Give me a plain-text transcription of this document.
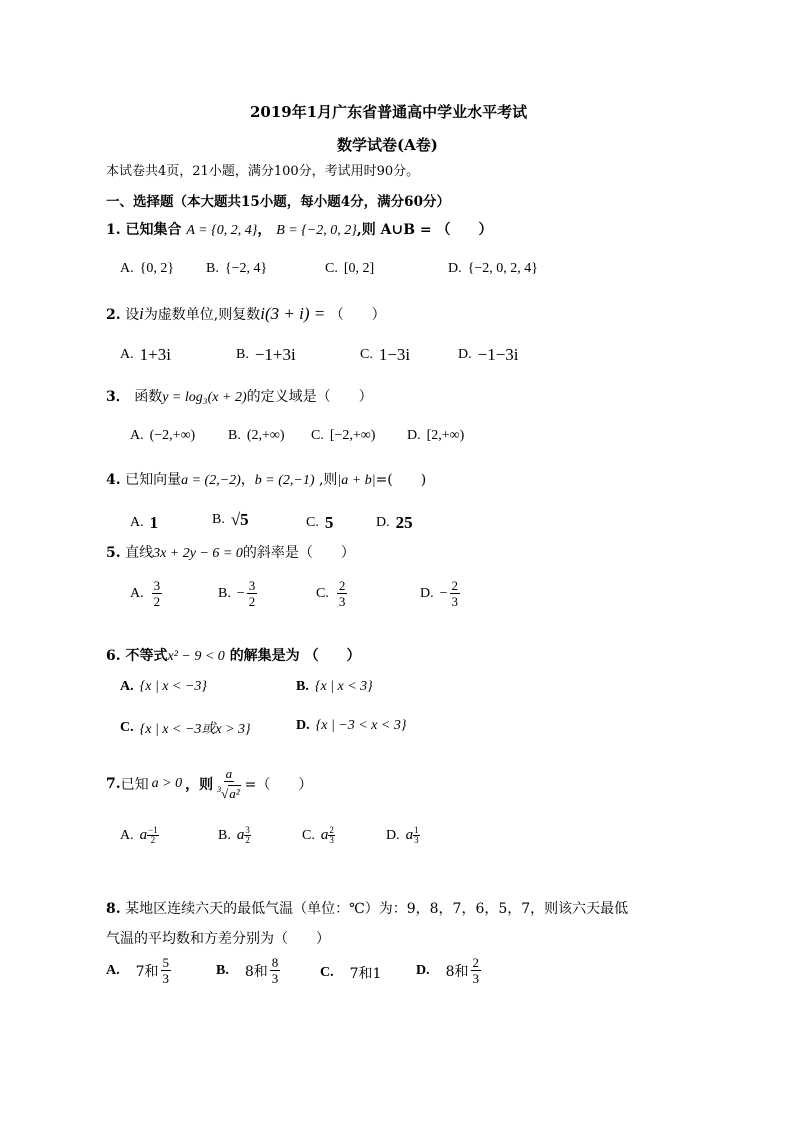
2019年1月广东省普通高中学业水平考试
数学试卷(A卷)
本试卷共4页，21小题，满分100分，考试用时90分。
一、选择题（本大题共15小题，每小题4分，满分60分）
1. 已知集合 A = {0, 2, 4}， B = {−2, 0, 2},则 A∪B = （　　）
A. {0, 2} B. {−2, 4}	C. [0, 2]	D. {−2, 0, 2, 4}
2. 设i为虚数单位,则复数i(3 + i) = （　　）
A. 1+3i	B. −1+3i	C. 1−3i	D. −1−3i
3． 函数y = log₃(x + 2)的定义域是（　　）
A. (−2,+∞) B. (2,+∞) C. [−2,+∞) D. [2,+∞)
4. 已知向量a = (2,−2)，b = (2,−1) ,则|a + b|=(　　)
A. 1	B. √5	C. 5	D. 25
5. 直线3x + 2y − 6 = 0的斜率是（　　）
A. $\frac{3}{2}$	B. − $\frac{3}{2}$	C. $\frac{2}{3}$	D. − $\frac{2}{3}$
6. 不等式x² − 9 < 0 的解集是为 （　　）
A. {x | x < −3}	B. {x | x < 3}
C. {x | x < −3或x > 3}	D. {x | −3 < x < 3}
7. 已知 a > 0 ，则 $\frac{a}{^3√a^2}$ =（　　）
A. a −1
2	B. a 3
2	C. a 2
3	D. a 1
3
8. 某地区连续六天的最低气温（单位：℃）为：9，8，7，6，5，7，则该六天最低
气温的平均数和方差分别为（　　）
A. 7和 $\frac{5}{3}$	B. 8和 $\frac{8}{3}$	C. 7和1 D. 8和 $\frac{2}{3}$
